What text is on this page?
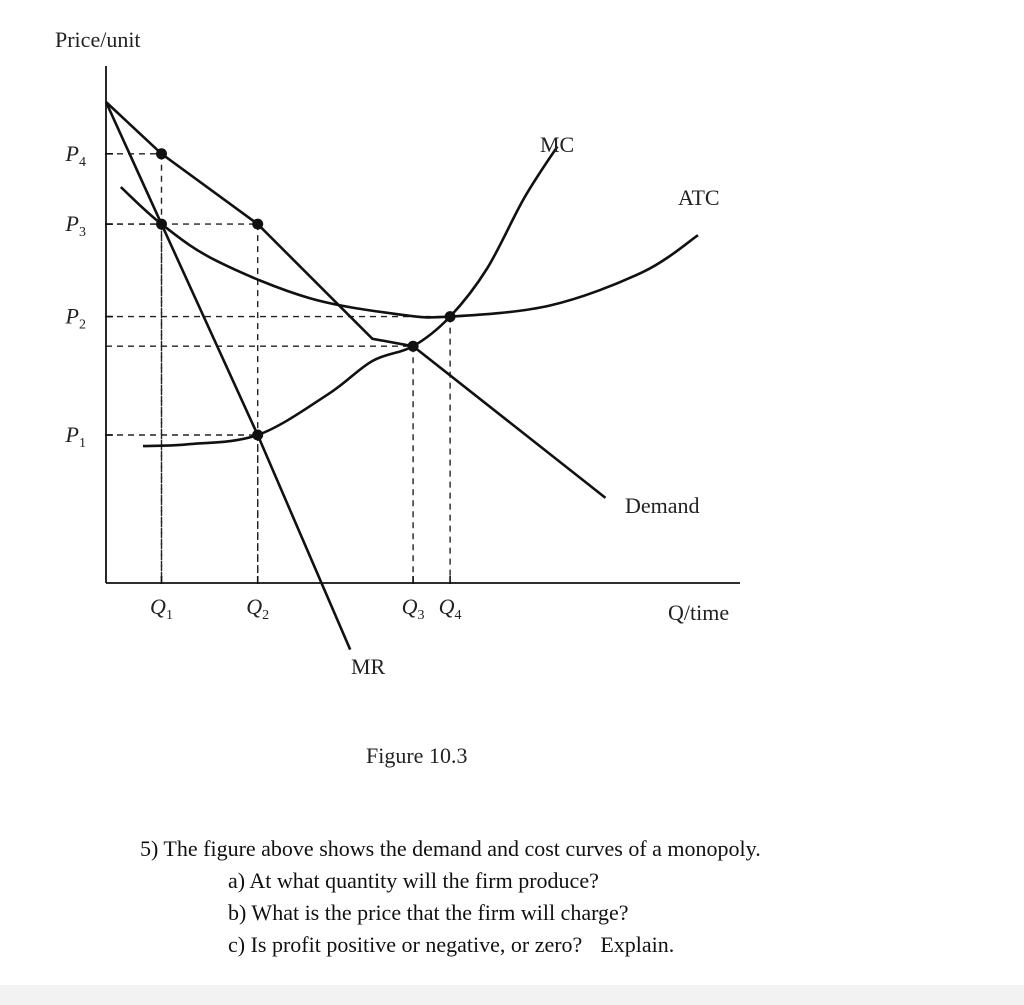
$P_4$
$P_3$
$P_2$
$P_1$
$Q_1$	$Q_2$	$Q_3$ $Q_4$
Price/unit
Q/time
MC
ATC
Demand
MR
Figure 10.3

5) The figure above shows the demand and cost curves of a monopoly.

a) At what quantity will the firm produce?

b) What is the price that the firm will charge?

c) Is profit positive or negative, or zero? Explain.
